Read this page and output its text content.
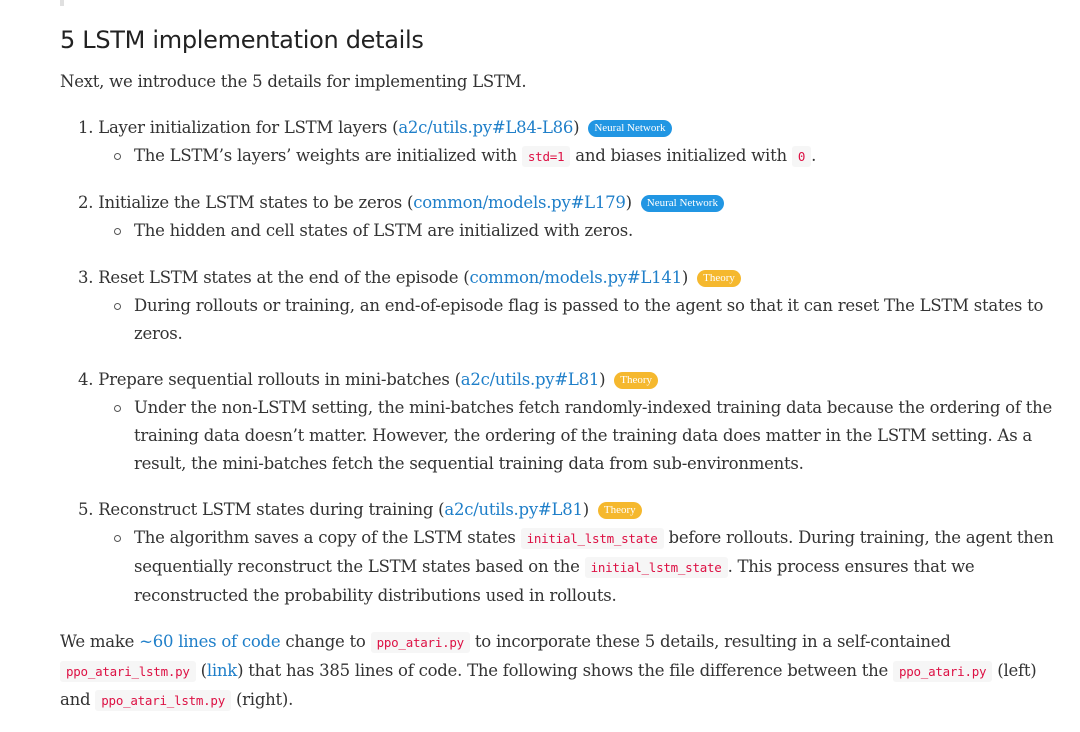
5 LSTM implementation details

Next, we introduce the 5 details for implementing LSTM.

1. Layer initialization for LSTM layers (a2c/utils.py#L84-L86) Neural Network
The LSTM’s layers’ weights are initialized with std=1 and biases initialized with 0 .
2. Initialize the LSTM states to be zeros (common/models.py#L179) Neural Network
The hidden and cell states of LSTM are initialized with zeros.
3. Reset LSTM states at the end of the episode (common/models.py#L141) Theory
During rollouts or training, an end-of-episode flag is passed to the agent so that it can reset The LSTM states to zeros.
4. Prepare sequential rollouts in mini-batches (a2c/utils.py#L81) Theory
Under the non-LSTM setting, the mini-batches fetch randomly-indexed training data because the ordering of the training data doesn’t matter. However, the ordering of the training data does matter in the LSTM setting. As a result, the mini-batches fetch the sequential training data from sub-environments.
5. Reconstruct LSTM states during training (a2c/utils.py#L81) Theory
The algorithm saves a copy of the LSTM states initial_lstm_state before rollouts. During training, the agent then sequentially reconstruct the LSTM states based on the initial_lstm_state . This process ensures that we reconstructed the probability distributions used in rollouts.

We make ~60 lines of code change to ppo_atari.py to incorporate these 5 details, resulting in a self-contained ppo_atari_lstm.py (link) that has 385 lines of code. The following shows the file difference between the ppo_atari.py (left) and ppo_atari_lstm.py (right).
